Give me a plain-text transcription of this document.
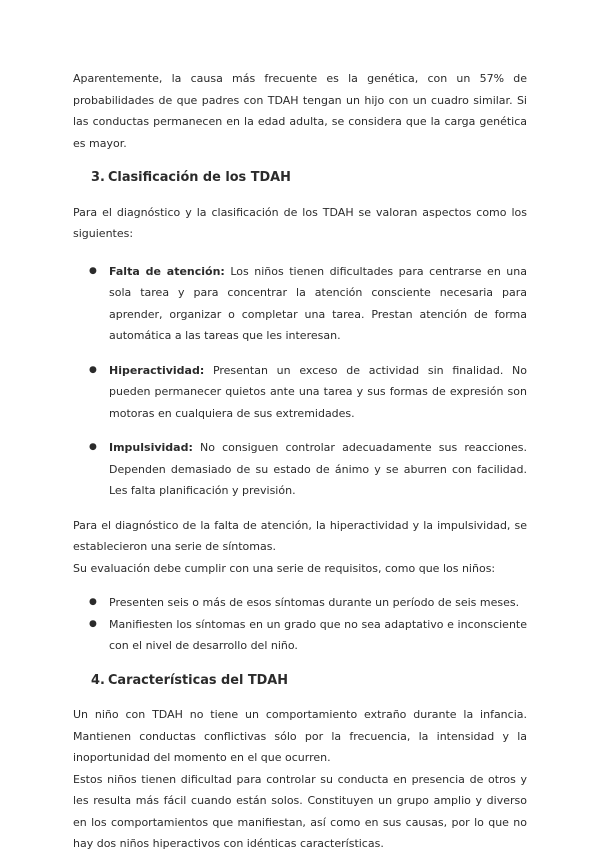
Aparentemente, la causa más frecuente es la genética, con un 57% de probabilidades de que padres con TDAH tengan un hijo con un cuadro similar. Si las conductas permanecen en la edad adulta, se considera que la carga genética es mayor.

3. Clasificación de los TDAH

Para el diagnóstico y la clasificación de los TDAH se valoran aspectos como los siguientes:

● Falta de atención: Los niños tienen dificultades para centrarse en una sola tarea y para concentrar la atención consciente necesaria para aprender, organizar o completar una tarea. Prestan atención de forma automática a las tareas que les interesan.
● Hiperactividad: Presentan un exceso de actividad sin finalidad. No pueden permanecer quietos ante una tarea y sus formas de expresión son motoras en cualquiera de sus extremidades.
● Impulsividad: No consiguen controlar adecuadamente sus reacciones. Dependen demasiado de su estado de ánimo y se aburren con facilidad. Les falta planificación y previsión.

Para el diagnóstico de la falta de atención, la hiperactividad y la impulsividad, se establecieron una serie de síntomas.

Su evaluación debe cumplir con una serie de requisitos, como que los niños:

● Presenten seis o más de esos síntomas durante un período de seis meses.
● Manifiesten los síntomas en un grado que no sea adaptativo e inconsciente con el nivel de desarrollo del niño.
4. Características del TDAH

Un niño con TDAH no tiene un comportamiento extraño durante la infancia. Mantienen conductas conflictivas sólo por la frecuencia, la intensidad y la inoportunidad del momento en el que ocurren.

Estos niños tienen dificultad para controlar su conducta en presencia de otros y les resulta más fácil cuando están solos. Constituyen un grupo amplio y diverso en los comportamientos que manifiestan, así como en sus causas, por lo que no hay dos niños hiperactivos con idénticas características.
